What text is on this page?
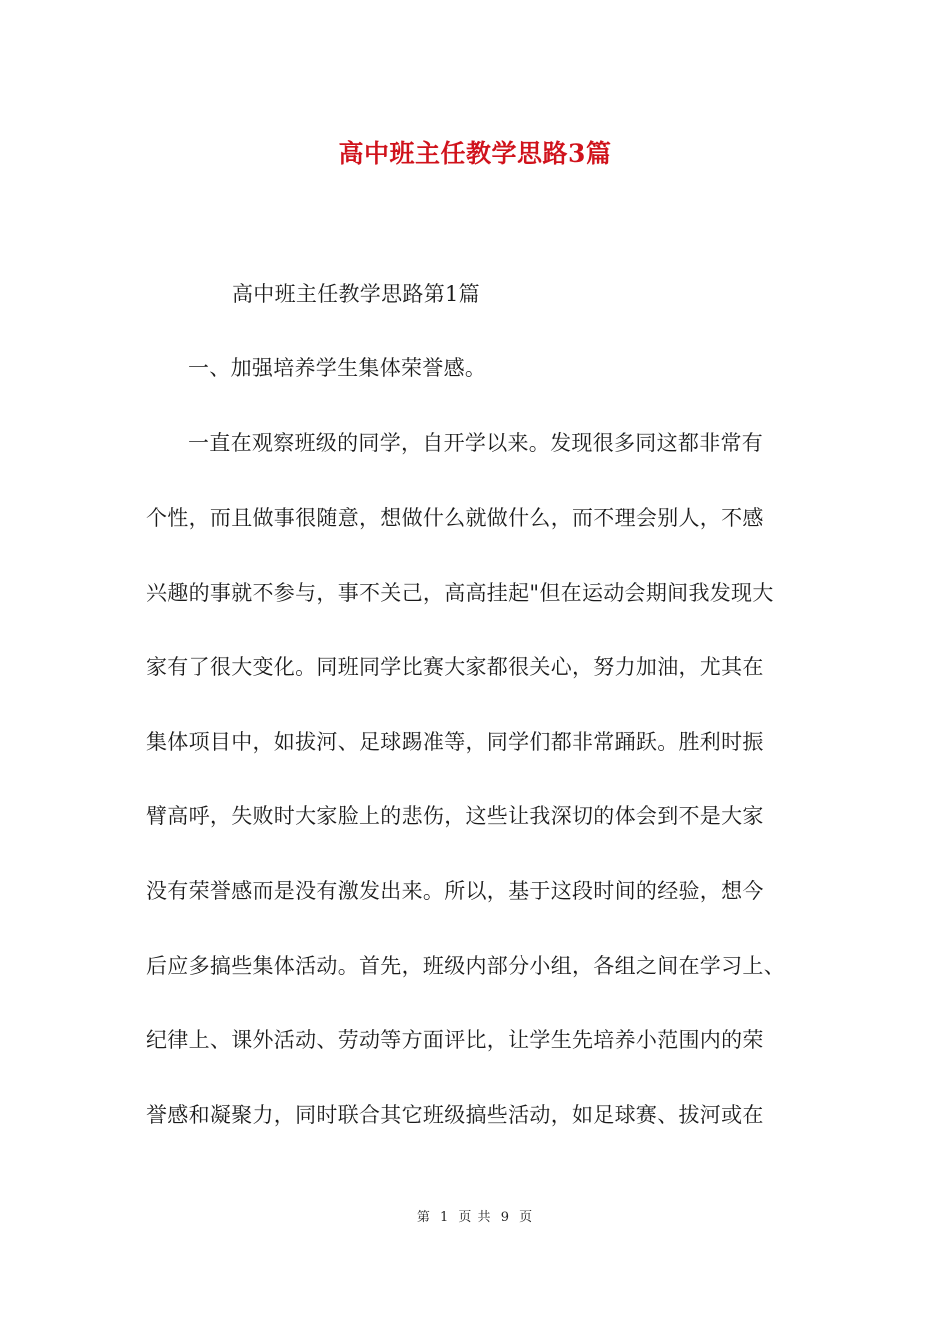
高中班主任教学思路3篇
高中班主任教学思路第1篇
一、加强培养学生集体荣誉感。
一直在观察班级的同学，自开学以来。发现很多同这都非常有
个性，而且做事很随意，想做什么就做什么，而不理会别人，不感
兴趣的事就不参与，事不关己，高高挂起"但在运动会期间我发现大
家有了很大变化。同班同学比赛大家都很关心，努力加油，尤其在
集体项目中，如拔河、足球踢准等，同学们都非常踊跃。胜利时振
臂高呼，失败时大家脸上的悲伤，这些让我深切的体会到不是大家
没有荣誉感而是没有激发出来。所以，基于这段时间的经验，想今
后应多搞些集体活动。首先，班级内部分小组，各组之间在学习上、
纪律上、课外活动、劳动等方面评比，让学生先培养小范围内的荣
誉感和凝聚力，同时联合其它班级搞些活动，如足球赛、拔河或在
第 1 页 共 9 页
